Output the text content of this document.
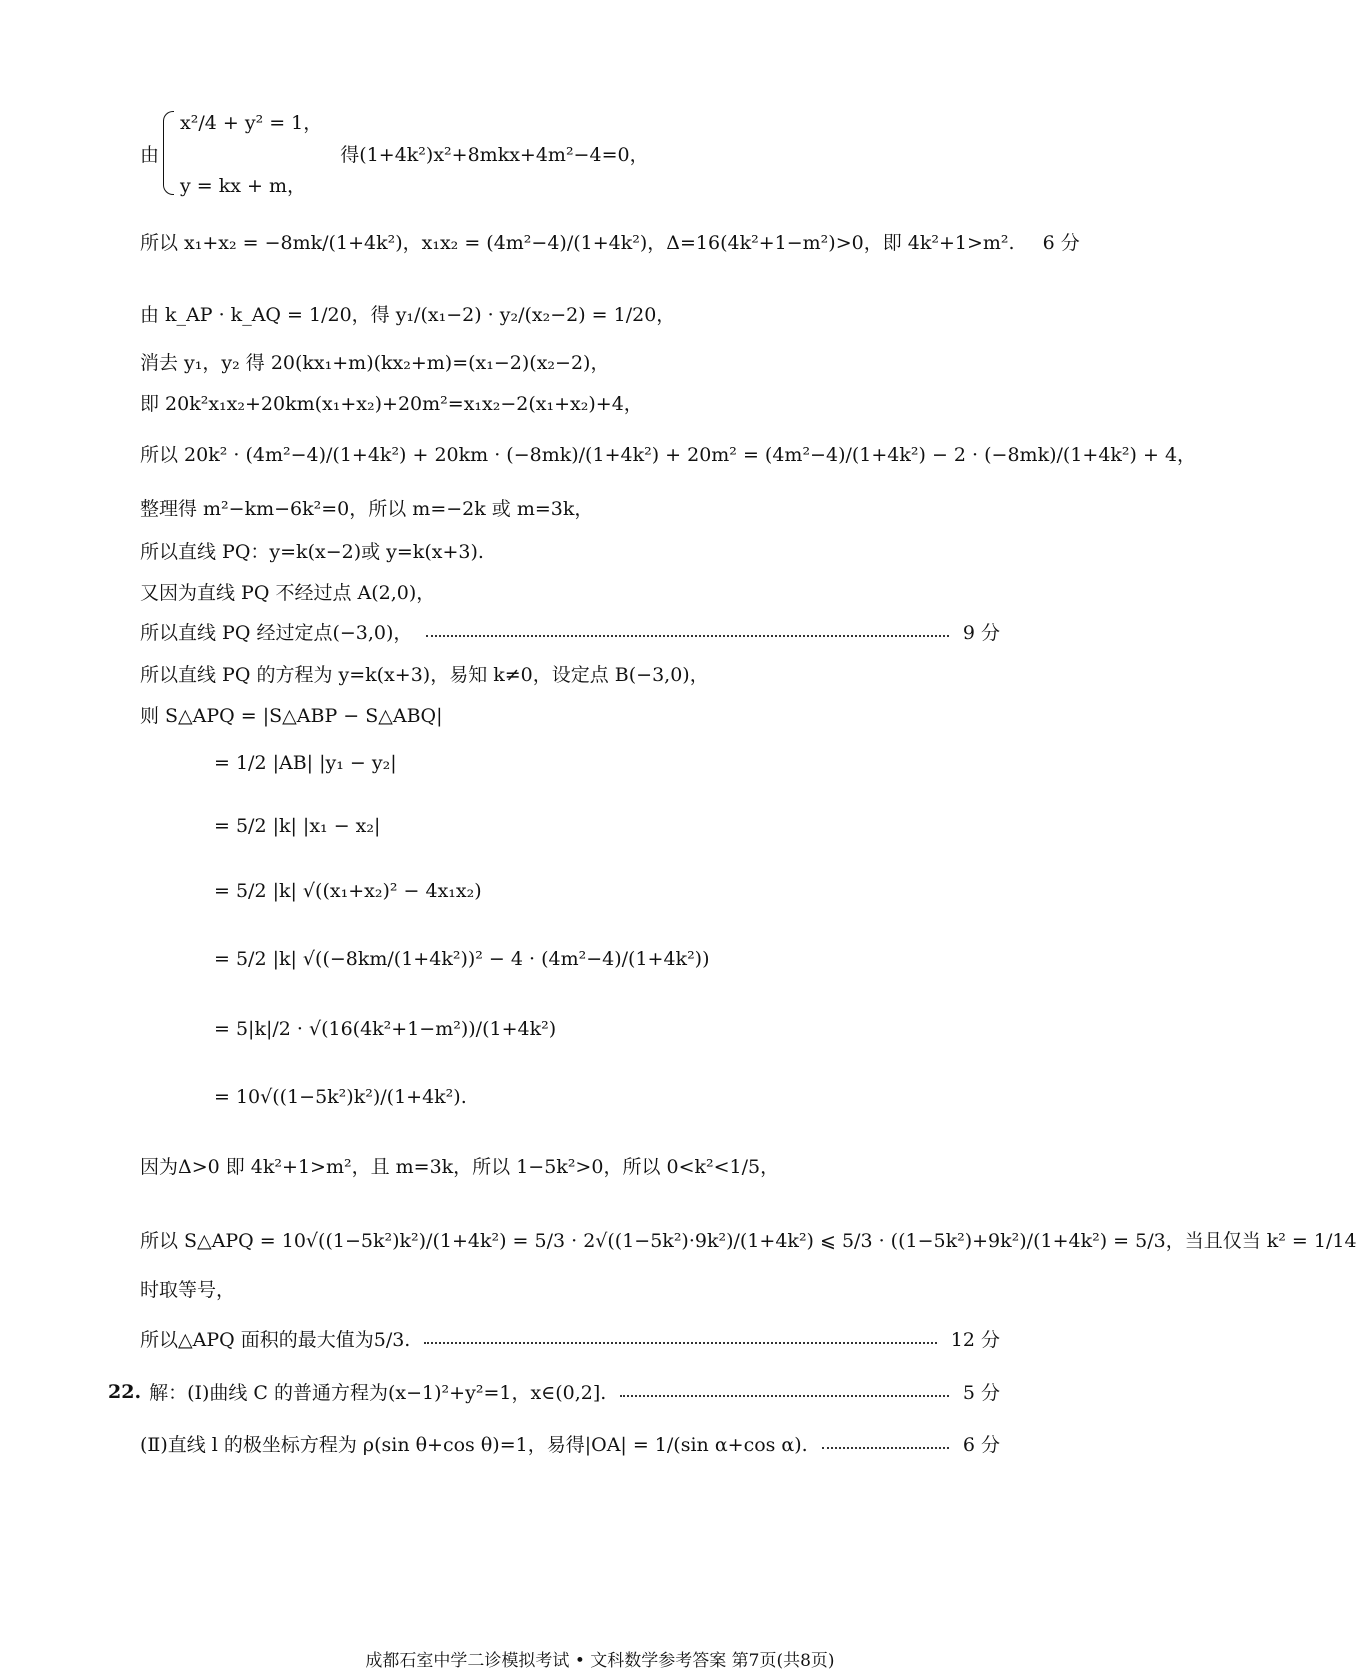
由
x²/4 + y² = 1，
y = kx + m，
得(1+4k²)x²+8mkx+4m²−4=0，
所以 x₁+x₂ = −8mk/(1+4k²)，x₁x₂ = (4m²−4)/(1+4k²)，Δ=16(4k²+1−m²)>0，即 4k²+1>m². 6 分
由 k_AP · k_AQ = 1/20，得 y₁/(x₁−2) · y₂/(x₂−2) = 1/20，
消去 y₁，y₂ 得 20(kx₁+m)(kx₂+m)=(x₁−2)(x₂−2)，
即 20k²x₁x₂+20km(x₁+x₂)+20m²=x₁x₂−2(x₁+x₂)+4，
所以 20k² · (4m²−4)/(1+4k²) + 20km · (−8mk)/(1+4k²) + 20m² = (4m²−4)/(1+4k²) − 2 · (−8mk)/(1+4k²) + 4，
整理得 m²−km−6k²=0，所以 m=−2k 或 m=3k，
所以直线 PQ：y=k(x−2)或 y=k(x+3).
又因为直线 PQ 不经过点 A(2,0)，
所以直线 PQ 经过定点(−3,0)，	9 分
所以直线 PQ 的方程为 y=k(x+3)，易知 k≠0，设定点 B(−3,0)，
则 S△APQ = |S△ABP − S△ABQ|
= 1/2 |AB| |y₁ − y₂|
= 5/2 |k| |x₁ − x₂|
= 5/2 |k| √((x₁+x₂)² − 4x₁x₂)
= 5/2 |k| √((−8km/(1+4k²))² − 4 · (4m²−4)/(1+4k²))
= 5|k|/2 · √(16(4k²+1−m²))/(1+4k²)
= 10√((1−5k²)k²)/(1+4k²).
因为Δ>0 即 4k²+1>m²，且 m=3k，所以 1−5k²>0，所以 0<k²<1/5，
所以 S△APQ = 10√((1−5k²)k²)/(1+4k²) = 5/3 · 2√((1−5k²)·9k²)/(1+4k²) ⩽ 5/3 · ((1−5k²)+9k²)/(1+4k²) = 5/3，当且仅当 k² = 1/14
时取等号，
所以△APQ 面积的最大值为5/3.	12 分
22. 解：(Ⅰ)曲线 C 的普通方程为(x−1)²+y²=1，x∈(0,2].	5 分
(Ⅱ)直线 l 的极坐标方程为 ρ(sin θ+cos θ)=1，易得|OA| = 1/(sin α+cos α).	6 分
成都石室中学二诊模拟考试 • 文科数学参考答案 第7页(共8页)
